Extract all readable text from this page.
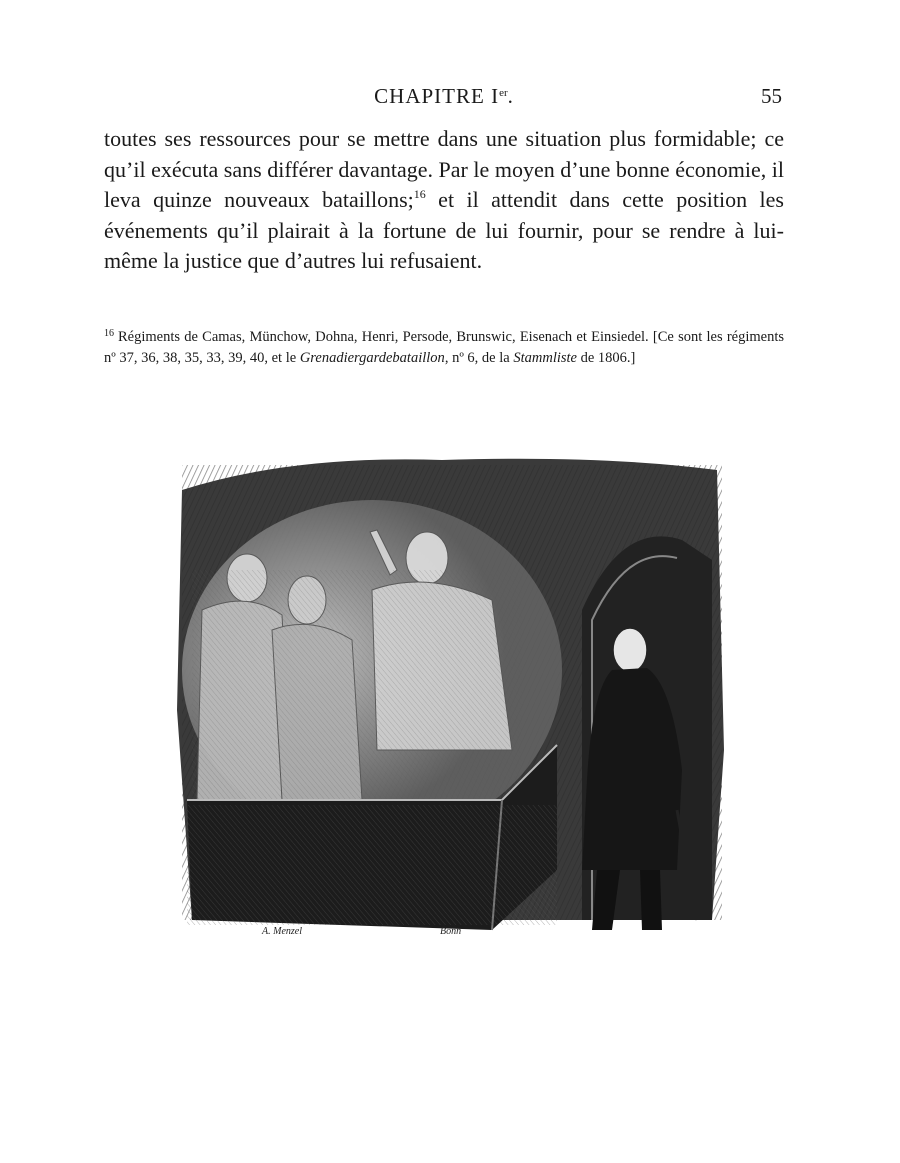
CHAPITRE Ier.	55

toutes ses ressources pour se mettre dans une situation plus formidable; ce qu’il exécuta sans différer davantage. Par le moyen d’une bonne économie, il leva quinze nouveaux bataillons;$^{16}$ et il attendit dans cette position les événements qu’il plairait à la fortune de lui fournir, pour se rendre à lui-même la justice que d’autres lui refusaient.

$^{16}$ Régiments de Camas, Münchow, Dohna, Henri, Persode, Brunswic, Eisenach et Einsiedel. [Ce sont les régiments nº 37, 36, 38, 35, 33, 39, 40, et le Grenadiergardebataillon, nº 6, de la Stammliste de 1806.]
A. Menzel	Bonn
